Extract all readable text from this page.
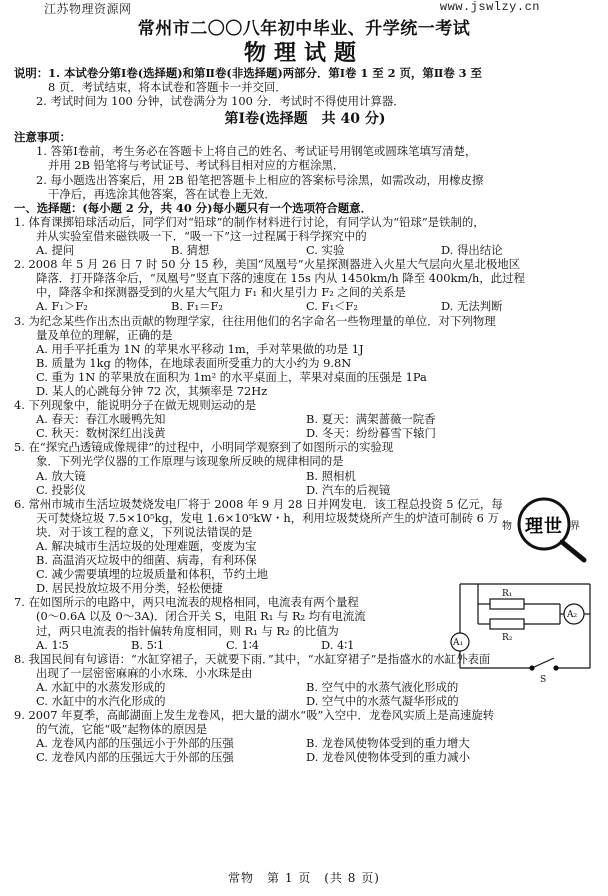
江苏物理资源网	www.jswlzy.cn
常州市二〇〇八年初中毕业、升学统一考试
物理试题
说明：1. 本试卷分第Ⅰ卷(选择题)和第Ⅱ卷(非选择题)两部分．第Ⅰ卷 1 至 2 页，第Ⅱ卷 3 至
8 页．考试结束，将本试卷和答题卡一并交回．
2. 考试时间为 100 分钟，试卷满分为 100 分．考试时不得使用计算器．
第Ⅰ卷(选择题　共 40 分)
注意事项：
1. 答第Ⅰ卷前，考生务必在答题卡上将自己的姓名、考试证号用钢笔或圆珠笔填写清楚，
并用 2B 铅笔将与考试证号、考试科目相对应的方框涂黑．
2. 每小题选出答案后，用 2B 铅笔把答题卡上相应的答案标号涂黑，如需改动，用橡皮擦
干净后，再选涂其他答案，答在试卷上无效．
一、选择题：(每小题 2 分，共 40 分)每小题只有一个选项符合题意．
1. 体育课掷铅球活动后，同学们对“铅球”的制作材料进行讨论，有同学认为“铅球”是铁制的，
并从实验室借来磁铁吸一下．“吸一下”这一过程属于科学探究中的
A. 提问	B. 猜想	C. 实验	D. 得出结论
2. 2008 年 5 月 26 日 7 时 50 分 15 秒，美国“凤凰号”火星探测器进入火星大气层向火星北极地区
降落．打开降落伞后，“凤凰号”竖直下落的速度在 15s 内从 1450km/h 降至 400km/h，此过程
中，降落伞和探测器受到的火星大气阻力 F₁ 和火星引力 F₂ 之间的关系是
A. F₁＞F₂	B. F₁＝F₂	C. F₁＜F₂	D. 无法判断
3. 为纪念某些作出杰出贡献的物理学家，往往用他们的名字命名一些物理量的单位．对下列物理
量及单位的理解，正确的是
A. 用手平托重为 1N 的苹果水平移动 1m，手对苹果做的功是 1J
B. 质量为 1kg 的物体，在地球表面所受重力的大小约为 9.8N
C. 重为 1N 的苹果放在面积为 1m² 的水平桌面上，苹果对桌面的压强是 1Pa
D. 某人的心跳每分钟 72 次，其频率是 72Hz
4. 下列现象中，能说明分子在做无规则运动的是
A. 春天：春江水暖鸭先知	B. 夏天：满架蔷薇一院香
C. 秋天：数树深红出浅黄	D. 冬天：纷纷暮雪下辕门
5. 在“探究凸透镜成像规律”的过程中，小明同学观察到了如图所示的实验现
象．下列光学仪器的工作原理与该现象所反映的规律相同的是
A. 放大镜	B. 照相机
C. 投影仪	D. 汽车的后视镜
6. 常州市城市生活垃圾焚烧发电厂将于 2008 年 9 月 28 日并网发电．该工程总投资 5 亿元，每
天可焚烧垃圾 7.5×10⁵kg，发电 1.6×10⁵kW・h，利用垃圾焚烧所产生的炉渣可制砖 6 万
块．对于该工程的意义，下列说法错误的是
A. 解决城市生活垃圾的处理难题，变废为宝
B. 高温消灭垃圾中的细菌、病毒，有利环保
C. 减少需要填埋的垃圾质量和体积，节约土地
D. 居民投放垃圾不用分类，轻松便捷
7. 在如图所示的电路中，两只电流表的规格相同，电流表有两个量程
(0～0.6A 以及 0～3A)．闭合开关 S，电阻 R₁ 与 R₂ 均有电流流
过，两只电流表的指针偏转角度相同，则 R₁ 与 R₂ 的比值为
A. 1∶5	B. 5∶1	C. 1∶4	D. 4∶1
8. 我国民间有句谚语：“水缸穿裙子，天就要下雨．”其中，“水缸穿裙子”是指盛水的水缸外表面
出现了一层密密麻麻的小水珠．小水珠是由
A. 水缸中的水蒸发形成的	B. 空气中的水蒸气液化形成的
C. 水缸中的水汽化形成的	D. 空气中的水蒸气凝华形成的
9. 2007 年夏季，高邮湖面上发生龙卷风，把大量的湖水“吸”入空中．龙卷风实质上是高速旋转
的气流，它能“吸”起物体的原因是
A. 龙卷风内部的压强远小于外部的压强	B. 龙卷风使物体受到的重力增大
C. 龙卷风内部的压强远大于外部的压强	D. 龙卷风使物体受到的重力减小
物 理 世 界
R₁
R₂
A₂
A₁
S
常物　第 1 页　(共 8 页)
